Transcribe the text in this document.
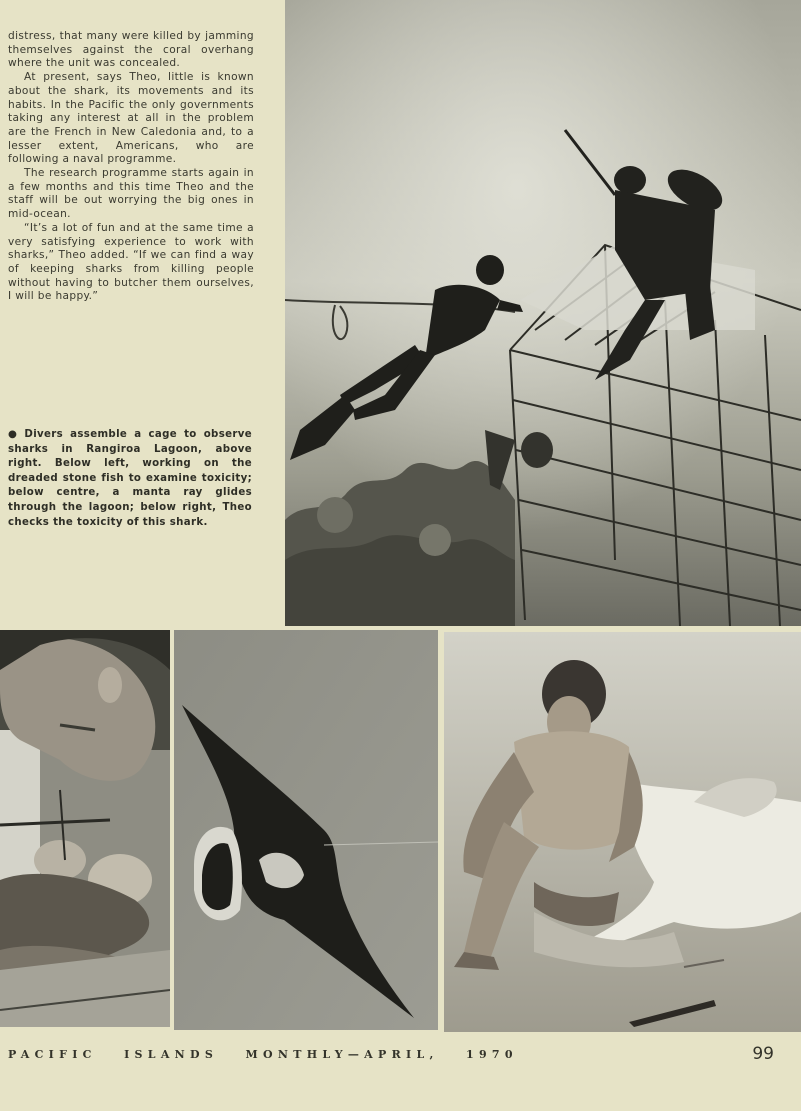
distress, that many were killed by jamming themselves against the coral overhang where the unit was concealed.

At present, says Theo, little is known about the shark, its movements and its habits. In the Pacific the only governments taking any interest at all in the problem are the French in New Caledonia and, to a lesser extent, Americans, who are following a naval programme.

The research programme starts again in a few months and this time Theo and the staff will be out worrying the big ones in mid-ocean.

“It’s a lot of fun and at the same time a very satisfying experience to work with sharks,” Theo added. “If we can find a way of keeping sharks from killing people without having to butcher them ourselves, I will be happy.”

● Divers assemble a cage to observe sharks in Rangiroa Lagoon, above right. Below left, working on the dreaded stone fish to examine toxicity; below centre, a manta ray glides through the lagoon; below right, Theo checks the toxicity of this shark.
PACIFIC   ISLANDS   MONTHLY—APRIL,   1970	99
